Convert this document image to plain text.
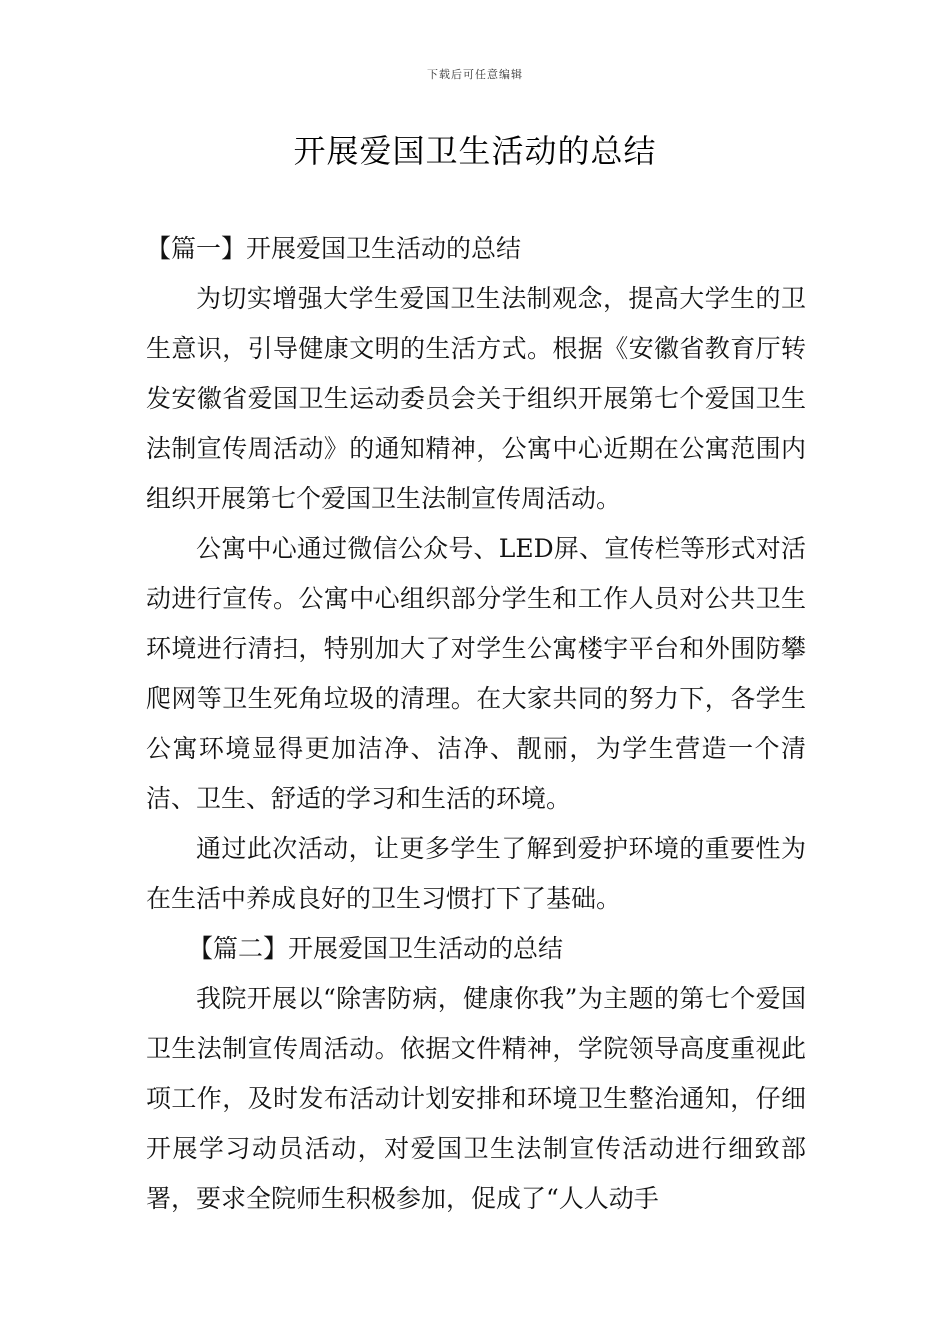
下载后可任意编辑
开展爱国卫生活动的总结

【篇一】开展爱国卫生活动的总结

为切实增强大学生爱国卫生法制观念，提高大学生的卫生意识，引导健康文明的生活方式。根据《安徽省教育厅转发安徽省爱国卫生运动委员会关于组织开展第七个爱国卫生法制宣传周活动》的通知精神，公寓中心近期在公寓范围内组织开展第七个爱国卫生法制宣传周活动。

公寓中心通过微信公众号、LED屏、宣传栏等形式对活动进行宣传。公寓中心组织部分学生和工作人员对公共卫生环境进行清扫，特别加大了对学生公寓楼宇平台和外围防攀爬网等卫生死角垃圾的清理。在大家共同的努力下，各学生公寓环境显得更加洁净、洁净、靓丽，为学生营造一个清洁、卫生、舒适的学习和生活的环境。

通过此次活动，让更多学生了解到爱护环境的重要性为在生活中养成良好的卫生习惯打下了基础。

【篇二】开展爱国卫生活动的总结

我院开展以“除害防病，健康你我”为主题的第七个爱国卫生法制宣传周活动。依据文件精神，学院领导高度重视此项工作，及时发布活动计划安排和环境卫生整治通知，仔细开展学习动员活动，对爱国卫生法制宣传活动进行细致部署，要求全院师生积极参加，促成了“人人动手
